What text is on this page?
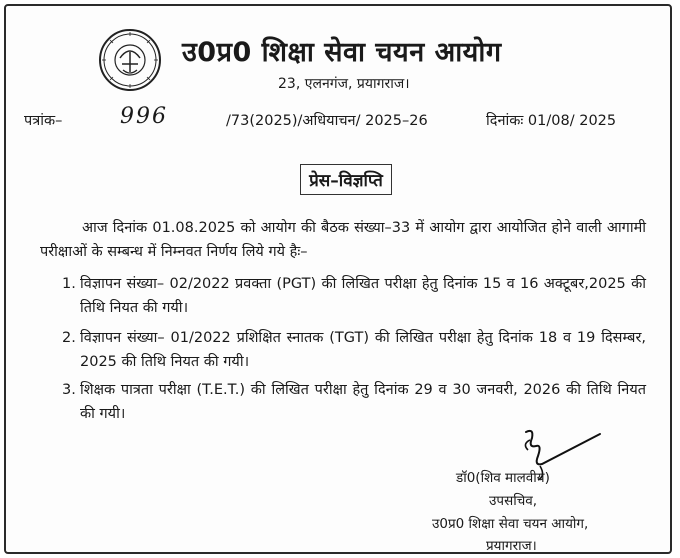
उ0प्र0 शिक्षा सेवा चयन आयोग
23, एलनगंज, प्रयागराज।
पत्रांक–	996	/73(2025)/अधियाचन/ 2025–26	दिनांकः 01/08/ 2025
प्रेस–विज्ञप्ति
आज दिनांक 01.08.2025 को आयोग की बैठक संख्या–33 में आयोग द्वारा आयोजित होने वाली आगामी परीक्षाओं के सम्बन्ध में निम्नवत निर्णय लिये गये हैः–
1. विज्ञापन संख्या– 02/2022 प्रवक्ता (PGT) की लिखित परीक्षा हेतु दिनांक 15 व 16 अक्टूबर,2025 की तिथि नियत की गयी।
2. विज्ञापन संख्या– 01/2022 प्रशिक्षित स्नातक (TGT) की लिखित परीक्षा हेतु दिनांक 18 व 19 दिसम्बर, 2025 की तिथि नियत की गयी।
3. शिक्षक पात्रता परीक्षा (T.E.T.) की लिखित परीक्षा हेतु दिनांक 29 व 30 जनवरी, 2026 की तिथि नियत की गयी।
डॉ0(शिव मालवीय)
उपसचिव,
उ0प्र0 शिक्षा सेवा चयन आयोग,
प्रयागराज।
